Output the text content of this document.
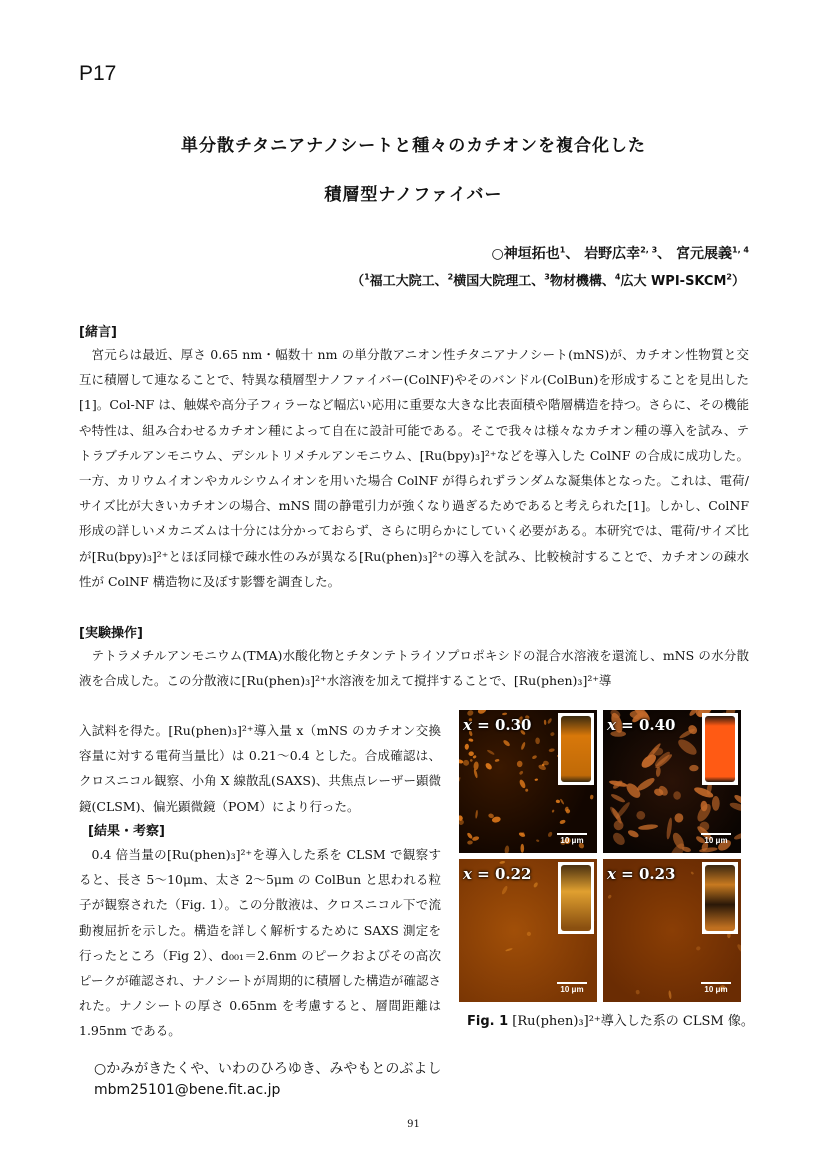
P17
単分散チタニアナノシートと種々のカチオンを複合化した
積層型ナノファイバー
○神垣拓也$^1$、 岩野広幸$^{2, 3}$、 宮元展義$^{1, 4}$
（$^1$福工大院工、$^2$横国大院理工、$^3$物材機構、$^4$広大 WPI-SKCM$^2$）
[緒言]
宮元らは最近、厚さ 0.65 nm・幅数十 nm の単分散アニオン性チタニアナノシート(mNS)が、カチオン性物質と交互に積層して連なることで、特異な積層型ナノファイバー(ColNF)やそのバンドル(ColBun)を形成することを見出した[1]。Col-NF は、触媒や高分子フィラーなど幅広い応用に重要な大きな比表面積や階層構造を持つ。さらに、その機能や特性は、組み合わせるカチオン種によって自在に設計可能である。そこで我々は様々なカチオン種の導入を試み、テトラブチルアンモニウム、デシルトリメチルアンモニウム、[Ru(bpy)₃]²⁺などを導入した ColNF の合成に成功した。一方、カリウムイオンやカルシウムイオンを用いた場合 ColNF が得られずランダムな凝集体となった。これは、電荷/サイズ比が大きいカチオンの場合、mNS 間の静電引力が強くなり過ぎるためであると考えられた[1]。しかし、ColNF 形成の詳しいメカニズムは十分には分かっておらず、さらに明らかにしていく必要がある。本研究では、電荷/サイズ比が[Ru(bpy)₃]²⁺とほぼ同様で疎水性のみが異なる[Ru(phen)₃]²⁺の導入を試み、比較検討することで、カチオンの疎水性が ColNF 構造物に及ぼす影響を調査した。
[実験操作]
テトラメチルアンモニウム(TMA)水酸化物とチタンテトライソプロポキシドの混合水溶液を還流し、mNS の水分散液を合成した。この分散液に[Ru(phen)₃]²⁺水溶液を加えて撹拌することで、[Ru(phen)₃]²⁺導
入試料を得た。[Ru(phen)₃]²⁺導入量 x（mNS のカチオン交換容量に対する電荷当量比）は 0.21〜0.4 とした。合成確認は、クロスニコル観察、小角 X 線散乱(SAXS)、共焦点レーザー顕微鏡(CLSM)、偏光顕微鏡（POM）により行った。
[結果・考察]
0.4 倍当量の[Ru(phen)₃]²⁺を導入した系を CLSM で観察すると、長さ 5〜10μm、太さ 2〜5μm の ColBun と思われる粒子が観察された（Fig. 1）。この分散液は、クロスニコル下で流動複屈折を示した。構造を詳しく解析するために SAXS 測定を行ったところ（Fig 2）、d₀₀₁＝2.6nm のピークおよびその高次ピークが確認され、ナノシートが周期的に積層した構造が確認された。ナノシートの厚さ 0.65nm を考慮すると、層間距離は 1.95nm である。
x = 0.30
10 μm
x = 0.40
10 μm
x = 0.22
10 μm
x = 0.23
10 μm
Fig. 1 [Ru(phen)₃]²⁺導入した系の CLSM 像。
○かみがきたくや、いわのひろゆき、みやもとのぶよし
mbm25101@bene.fit.ac.jp
91
